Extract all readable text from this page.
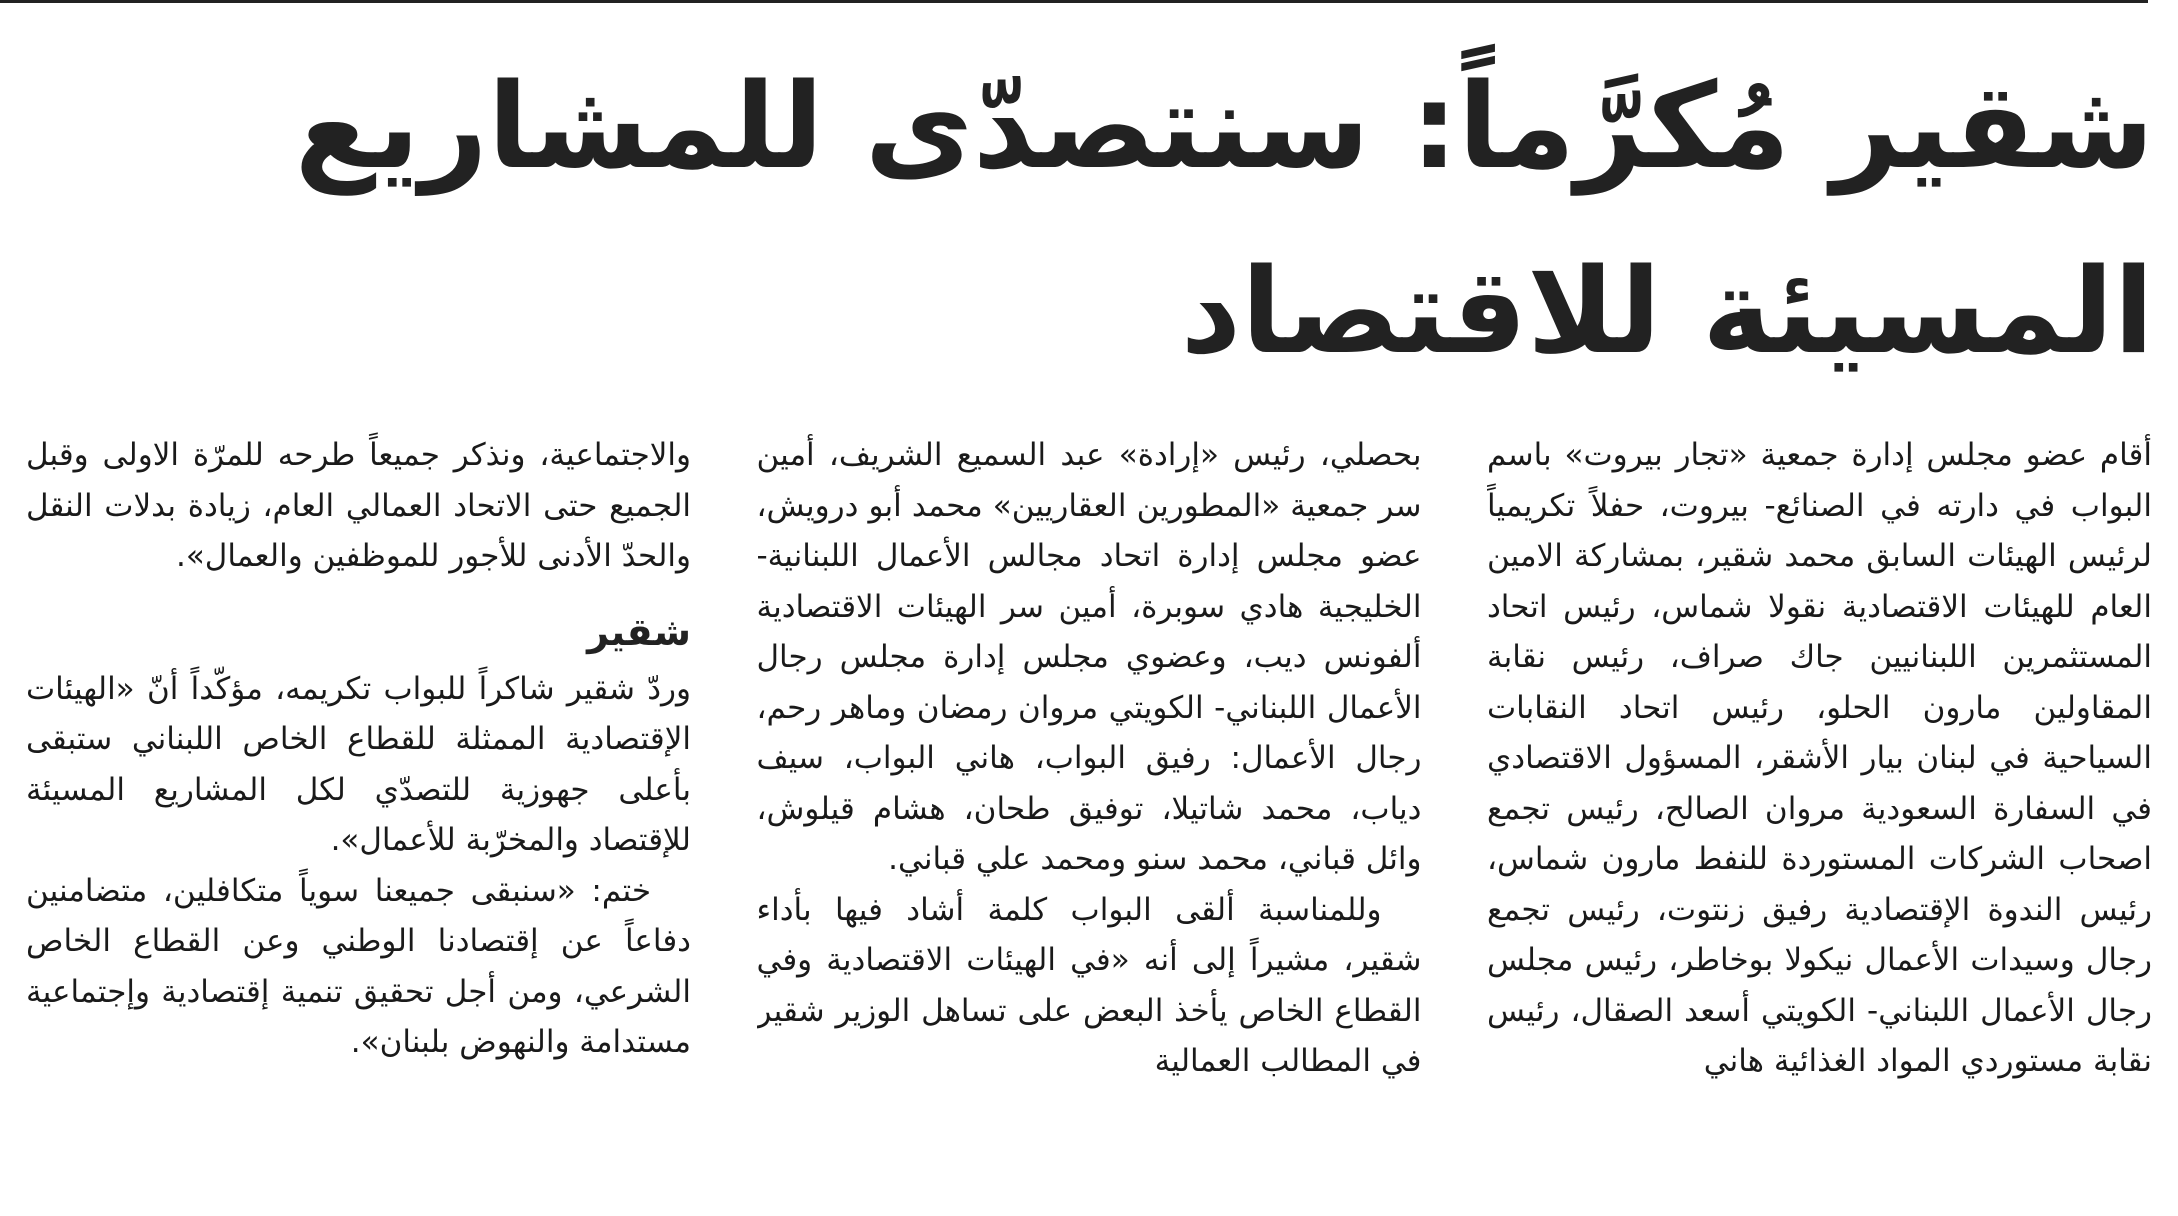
شقير مُكرَّماً: سنتصدّى للمشاريع المسيئة للاقتصاد

أقام عضو مجلس إدارة جمعية «تجار بيروت» باسم البواب في دارته في الصنائع- بيروت، حفلاً تكريمياً لرئيس الهيئات السابق محمد شقير، بمشاركة الامين العام للهيئات الاقتصادية نقولا شماس، رئيس اتحاد المستثمرين اللبنانيين جاك صراف، رئيس نقابة المقاولين مارون الحلو، رئيس اتحاد النقابات السياحية في لبنان بيار الأشقر، المسؤول الاقتصادي في السفارة السعودية مروان الصالح، رئيس تجمع اصحاب الشركات المستوردة للنفط مارون شماس، رئيس الندوة الإقتصادية رفيق زنتوت، رئيس تجمع رجال وسيدات الأعمال نيكولا بوخاطر، رئيس مجلس رجال الأعمال اللبناني- الكويتي أسعد الصقال، رئيس نقابة مستوردي المواد الغذائية هاني

بحصلي، رئيس «إرادة» عبد السميع الشريف، أمين سر جمعية «المطورين العقاريين» محمد أبو درويش، عضو مجلس إدارة اتحاد مجالس الأعمال اللبنانية- الخليجية هادي سوبرة، أمين سر الهيئات الاقتصادية ألفونس ديب، وعضوي مجلس إدارة مجلس رجال الأعمال اللبناني- الكويتي مروان رمضان وماهر رحم، رجال الأعمال: رفيق البواب، هاني البواب، سيف دياب، محمد شاتيلا، توفيق طحان، هشام قيلوش، وائل قباني، محمد سنو ومحمد علي قباني.

وللمناسبة ألقى البواب كلمة أشاد فيها بأداء شقير، مشيراً إلى أنه «في الهيئات الاقتصادية وفي القطاع الخاص يأخذ البعض على تساهل الوزير شقير في المطالب العمالية

والاجتماعية، ونذكر جميعاً طرحه للمرّة الاولى وقبل الجميع حتى الاتحاد العمالي العام، زيادة بدلات النقل والحدّ الأدنى للأجور للموظفين والعمال».

شقير

وردّ شقير شاكراً للبواب تكريمه، مؤكّداً أنّ «الهيئات الإقتصادية الممثلة للقطاع الخاص اللبناني ستبقى بأعلى جهوزية للتصدّي لكل المشاريع المسيئة للإقتصاد والمخرّبة للأعمال».

ختم: «سنبقى جميعنا سوياً متكافلين، متضامنين دفاعاً عن إقتصادنا الوطني وعن القطاع الخاص الشرعي، ومن أجل تحقيق تنمية إقتصادية وإجتماعية مستدامة والنهوض بلبنان».
